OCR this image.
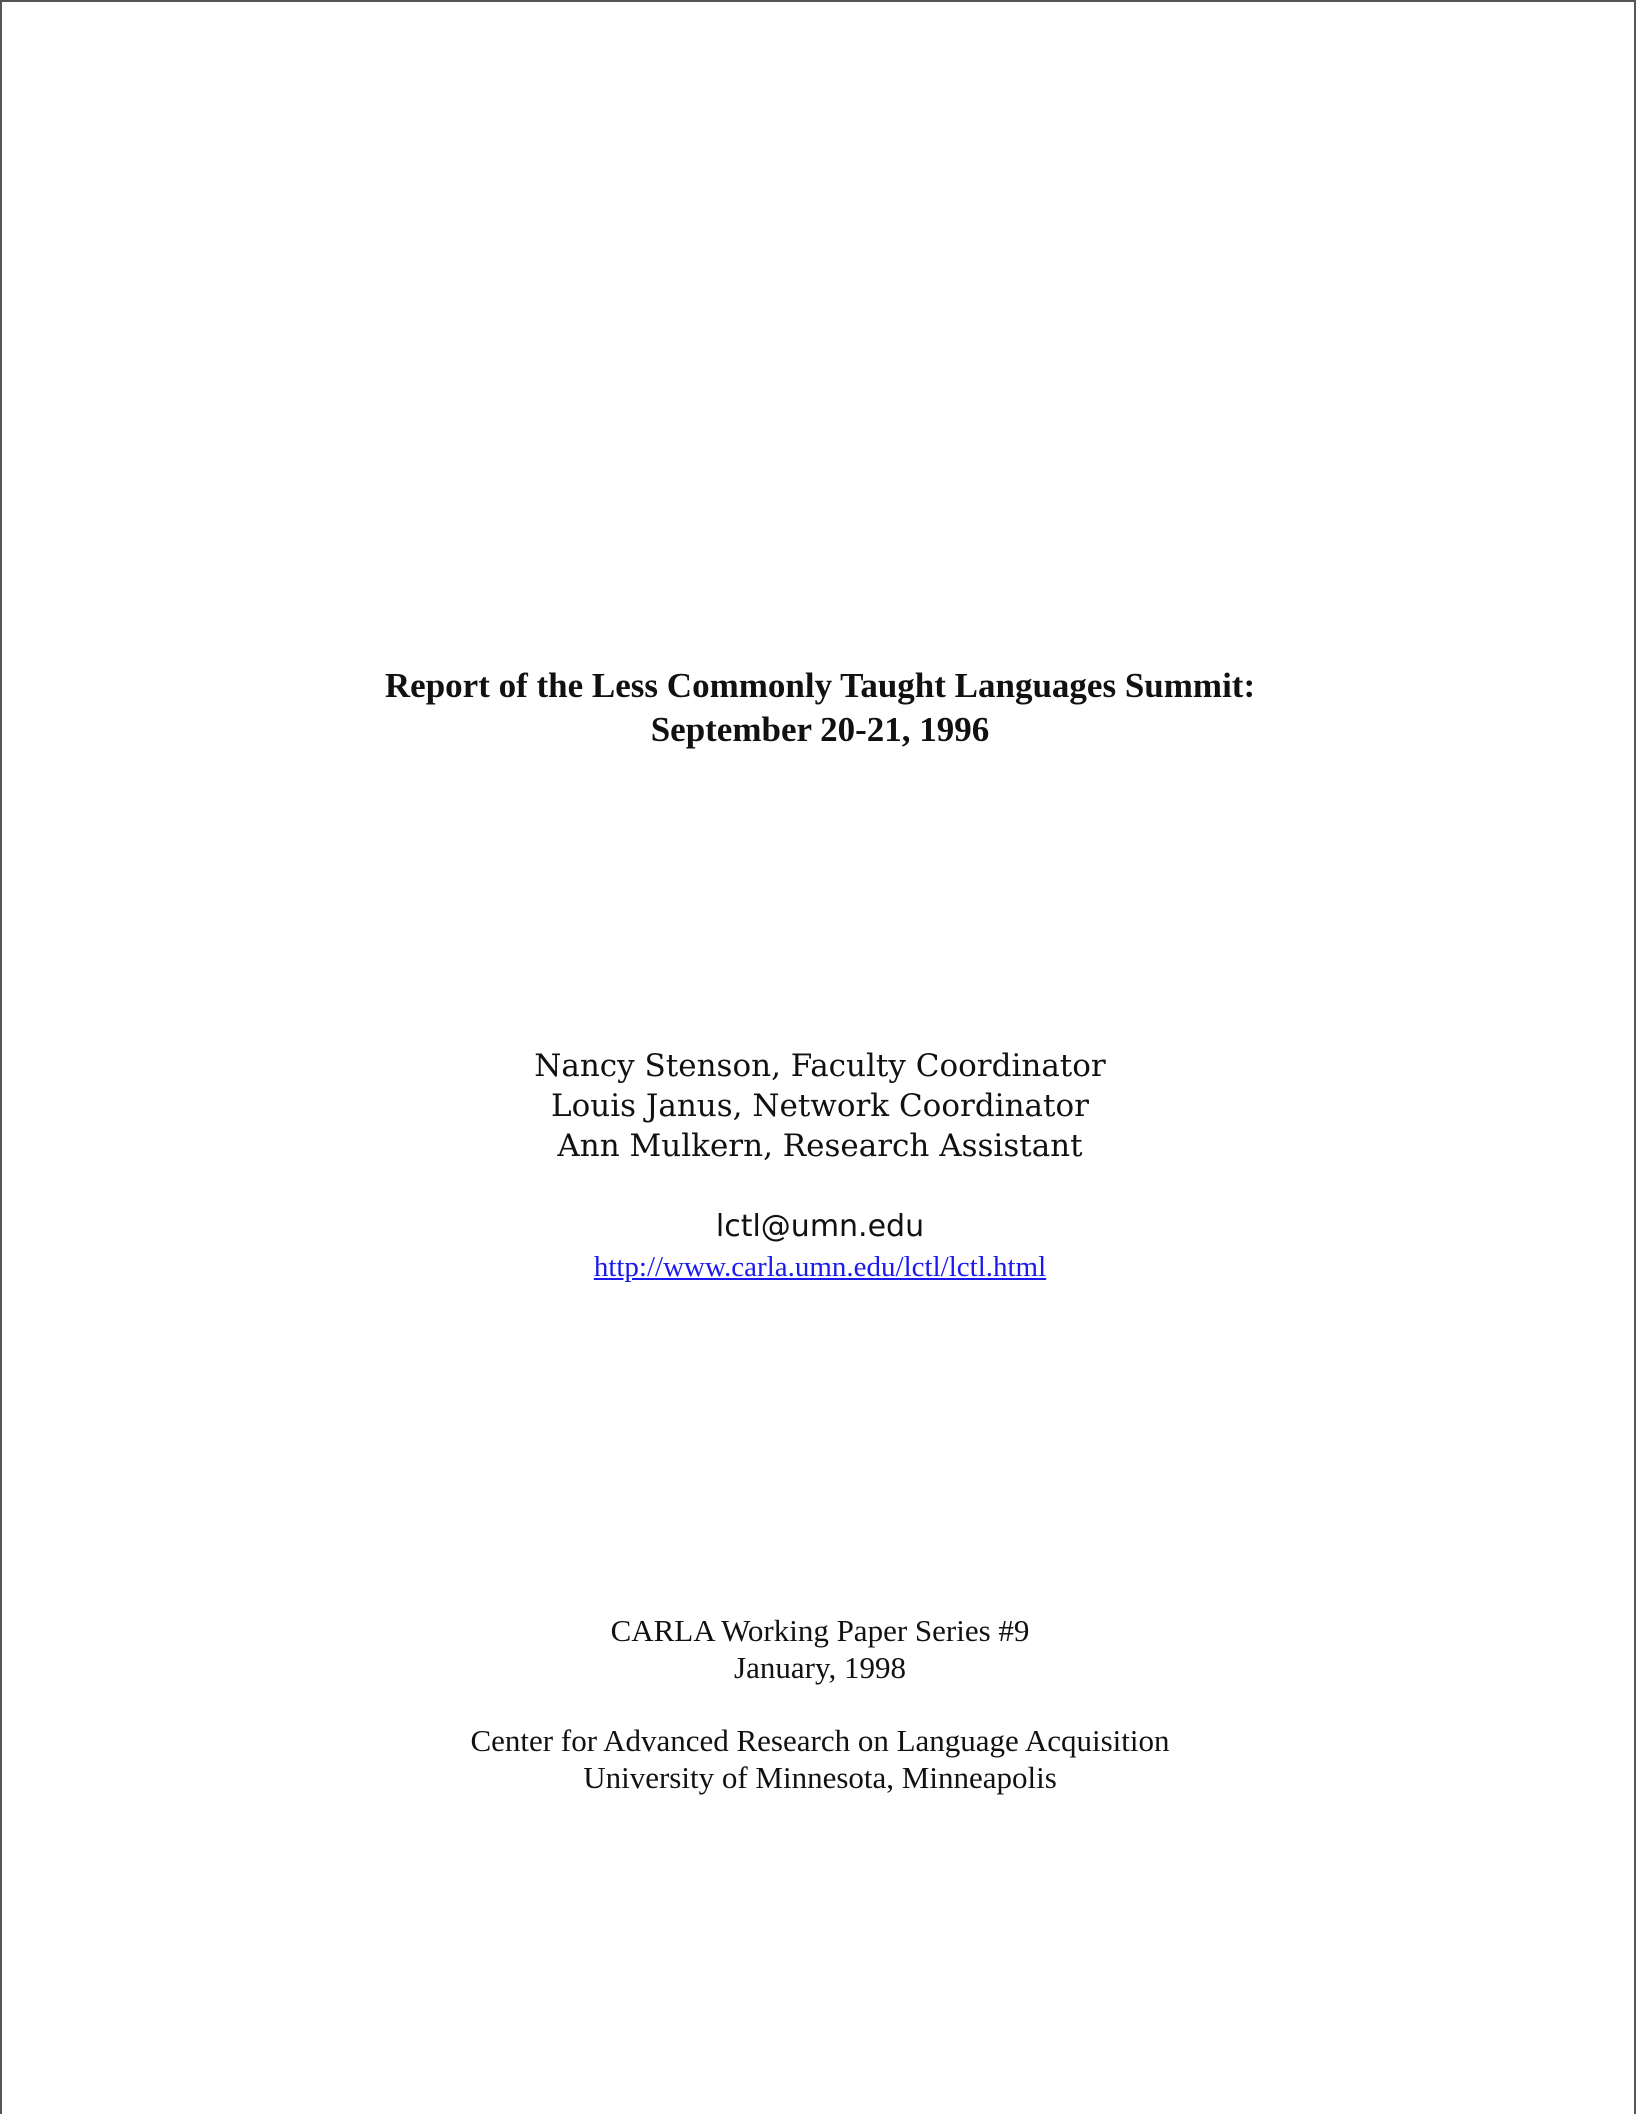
Report of the Less Commonly Taught Languages Summit:
September 20-21, 1996
Nancy Stenson, Faculty Coordinator
Louis Janus, Network Coordinator
Ann Mulkern, Research Assistant
lctl@umn.edu
http://www.carla.umn.edu/lctl/lctl.html
CARLA Working Paper Series #9
January, 1998
Center for Advanced Research on Language Acquisition
University of Minnesota, Minneapolis
